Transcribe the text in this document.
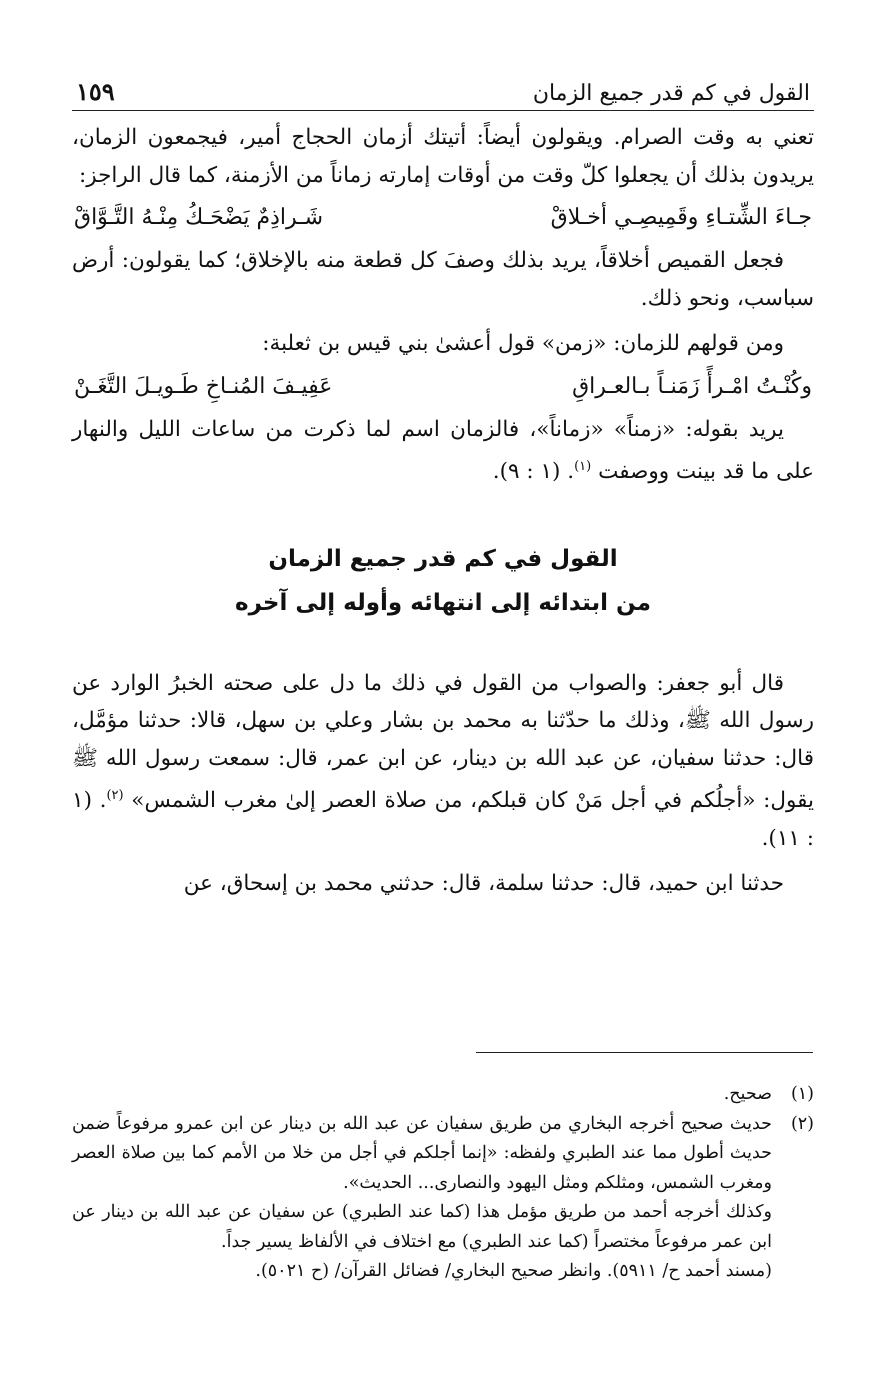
القول في كم قدر جميع الزمان
١٥٩

تعني به وقت الصرام. ويقولون أيضاً: أتيتك أزمان الحجاج أمير، فيجمعون الزمان، يريدون بذلك أن يجعلوا كلّ وقت من أوقات إمارته زماناً من الأزمنة، كما قال الراجز:

جـاءَ الشِّتـاءِ وقَمِيصِـي أخـلاقْ
شَـراذِمٌ يَضْحَـكُ مِنْـهُ التَّـوَّاقْ

فجعل القميص أخلاقاً، يريد بذلك وصفَ كل قطعة منه بالإخلاق؛ كما يقولون: أرض سباسب، ونحو ذلك.

ومن قولهم للزمان: «زمن» قول أعشىٰ بني قيس بن ثعلبة:

وكُنْـتُ امْـرأً زَمَنـاً بـالعـراقِ
عَفِيـفَ المُنـاخِ طَـويـلَ التَّغَـنْ

يريد بقوله: «زمناً» «زماناً»، فالزمان اسم لما ذكرت من ساعات الليل والنهار على ما قد بينت ووصفت $^{(١)}$. (١ : ٩).

القول في كم قدر جميع الزمان

من ابتدائه إلى انتهائه وأوله إلى آخره

قال أبو جعفر: والصواب من القول في ذلك ما دل على صحته الخبرُ الوارد عن رسول الله ﷺ، وذلك ما حدّثنا به محمد بن بشار وعلي بن سهل، قالا: حدثنا مؤمَّل، قال: حدثنا سفيان، عن عبد الله بن دينار، عن ابن عمر، قال: سمعت رسول الله ﷺ يقول: «أجلُكم في أجل مَنْ كان قبلكم، من صلاة العصر إلىٰ مغرب الشمس» $^{(٢)}$. (١ : ١١).

حدثنا ابن حميد، قال: حدثنا سلمة، قال: حدثني محمد بن إسحاق، عن

(١)

صحيح.

(٢)

حديث صحيح أخرجه البخاري من طريق سفيان عن عبد الله بن دينار عن ابن عمرو مرفوعاً ضمن حديث أطول مما عند الطبري ولفظه: «إنما أجلكم في أجل من خلا من الأمم كما بين صلاة العصر ومغرب الشمس، ومثلكم ومثل اليهود والنصارى... الحديث».

وكذلك أخرجه أحمد من طريق مؤمل هذا (كما عند الطبري) عن سفيان عن عبد الله بن دينار عن ابن عمر مرفوعاً مختصراً (كما عند الطبري) مع اختلاف في الألفاظ يسير جداً.

(مسند أحمد ح/ ٥٩١١). وانظر صحيح البخاري/ فضائل القرآن/ (ح ٥٠٢١).
